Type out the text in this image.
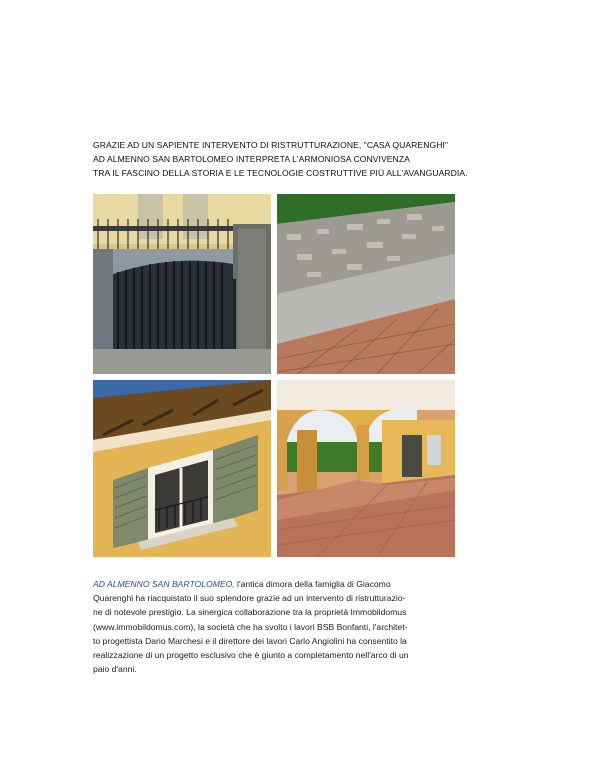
GRAZIE AD UN SAPIENTE INTERVENTO DI RISTRUTTURAZIONE, "CASA QUARENGHI"
AD ALMENNO SAN BARTOLOMEO INTERPRETA L'ARMONIOSA CONVIVENZA
TRA IL FASCINO DELLA STORIA E LE TECNOLOGIE COSTRUTTIVE PIÙ ALL'AVANGUARDIA.
AD ALMENNO SAN BARTOLOMEO, l'antica dimora della famiglia di Giacomo
Quarenghi ha riacquistato il suo splendore grazie ad un intervento di ristrutturazio-
ne di notevole prestigio. La sinergica collaborazione tra la proprietà Immobildomus
(www.immobildomus.com), la società che ha svolto i lavori BSB Bonfanti, l'architet-
to progettista Dario Marchesi e il direttore dei lavori Carlo Angiolini ha consentito la
realizzazione di un progetto esclusivo che è giunto a completamento nell'arco di un
paio d'anni.
